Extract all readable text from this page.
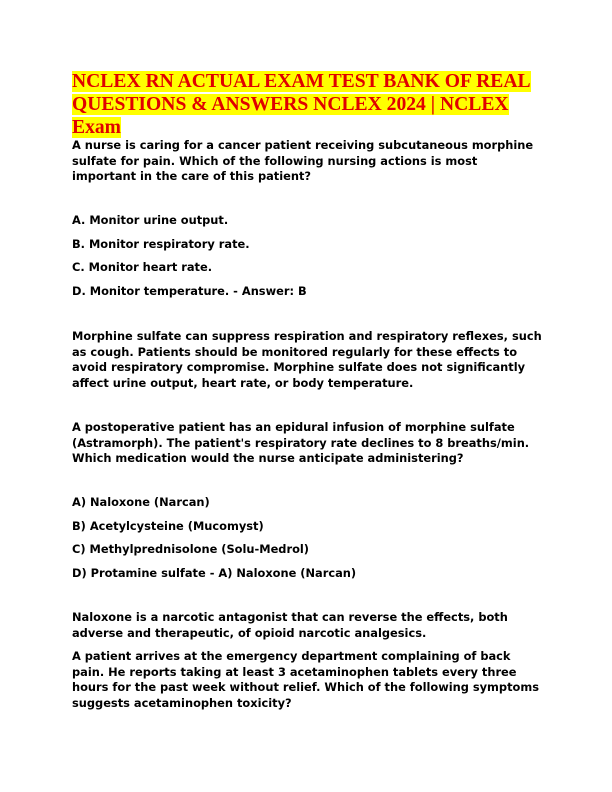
NCLEX RN ACTUAL EXAM TEST BANK OF REAL
QUESTIONS & ANSWERS NCLEX 2024 | NCLEX Exam

A nurse is caring for a cancer patient receiving subcutaneous morphine sulfate for pain. Which of the following nursing actions is most important in the care of this patient?

A. Monitor urine output.

B. Monitor respiratory rate.

C. Monitor heart rate.

D. Monitor temperature. - Answer: B

Morphine sulfate can suppress respiration and respiratory reflexes, such as cough. Patients should be monitored regularly for these effects to avoid respiratory compromise. Morphine sulfate does not significantly affect urine output, heart rate, or body temperature.

A postoperative patient has an epidural infusion of morphine sulfate (Astramorph). The patient's respiratory rate declines to 8 breaths/min. Which medication would the nurse anticipate administering?

A) Naloxone (Narcan)

B) Acetylcysteine (Mucomyst)

C) Methylprednisolone (Solu-Medrol)

D) Protamine sulfate - A) Naloxone (Narcan)

Naloxone is a narcotic antagonist that can reverse the effects, both adverse and therapeutic, of opioid narcotic analgesics.

A patient arrives at the emergency department complaining of back pain. He reports taking at least 3 acetaminophen tablets every three hours for the past week without relief. Which of the following symptoms suggests acetaminophen toxicity?
